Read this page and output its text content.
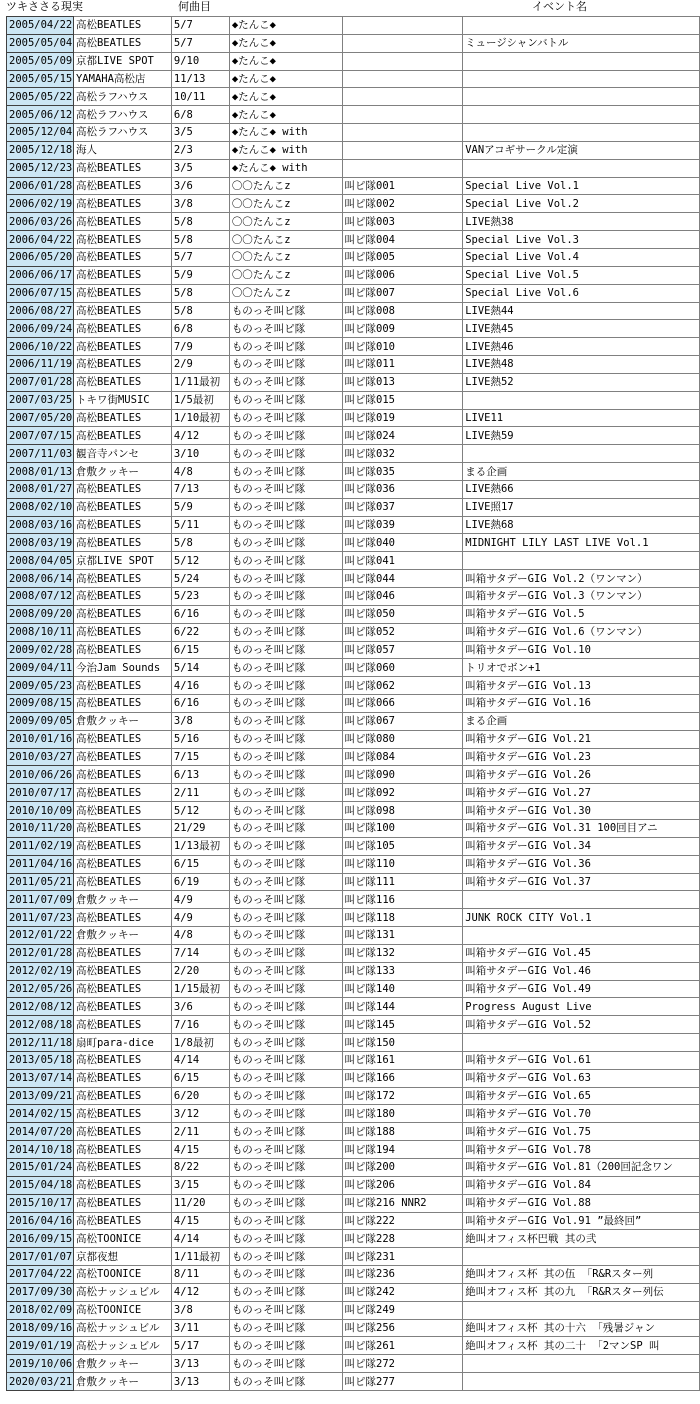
ツキささる現実	何曲目	イベント名
2005/04/22	高松BEATLES	5/7	◆たんこ◆		
2005/05/04	高松BEATLES	5/7	◆たんこ◆		ミュージシャンバトル
2005/05/09	京都LIVE SPOT	9/10	◆たんこ◆		
2005/05/15	YAMAHA高松店	11/13	◆たんこ◆		
2005/05/22	高松ラフハウス	10/11	◆たんこ◆		
2005/06/12	高松ラフハウス	6/8	◆たんこ◆		
2005/12/04	高松ラフハウス	3/5	◆たんこ◆ with		
2005/12/18	海人	2/3	◆たんこ◆ with		VANアコギサークル定演
2005/12/23	高松BEATLES	3/5	◆たんこ◆ with		
2006/01/28	高松BEATLES	3/6	〇〇たんこz	叫ピ隊001	Special Live Vol.1
2006/02/19	高松BEATLES	3/8	〇〇たんこz	叫ピ隊002	Special Live Vol.2
2006/03/26	高松BEATLES	5/8	〇〇たんこz	叫ピ隊003	LIVE熱38
2006/04/22	高松BEATLES	5/8	〇〇たんこz	叫ピ隊004	Special Live Vol.3
2006/05/20	高松BEATLES	5/7	〇〇たんこz	叫ピ隊005	Special Live Vol.4
2006/06/17	高松BEATLES	5/9	〇〇たんこz	叫ピ隊006	Special Live Vol.5
2006/07/15	高松BEATLES	5/8	〇〇たんこz	叫ピ隊007	Special Live Vol.6
2006/08/27	高松BEATLES	5/8	ものっそ叫ピ隊	叫ピ隊008	LIVE熱44
2006/09/24	高松BEATLES	6/8	ものっそ叫ピ隊	叫ピ隊009	LIVE熱45
2006/10/22	高松BEATLES	7/9	ものっそ叫ピ隊	叫ピ隊010	LIVE熱46
2006/11/19	高松BEATLES	2/9	ものっそ叫ピ隊	叫ピ隊011	LIVE熱48
2007/01/28	高松BEATLES	1/11最初	ものっそ叫ピ隊	叫ピ隊013	LIVE熱52
2007/03/25	トキワ街MUSIC	1/5最初	ものっそ叫ピ隊	叫ピ隊015	
2007/05/20	高松BEATLES	1/10最初	ものっそ叫ピ隊	叫ピ隊019	LIVE11
2007/07/15	高松BEATLES	4/12	ものっそ叫ピ隊	叫ピ隊024	LIVE熱59
2007/11/03	観音寺パンセ	3/10	ものっそ叫ピ隊	叫ピ隊032	
2008/01/13	倉敷クッキー	4/8	ものっそ叫ピ隊	叫ピ隊035	まる企画
2008/01/27	高松BEATLES	7/13	ものっそ叫ピ隊	叫ピ隊036	LIVE熱66
2008/02/10	高松BEATLES	5/9	ものっそ叫ピ隊	叫ピ隊037	LIVE照17
2008/03/16	高松BEATLES	5/11	ものっそ叫ピ隊	叫ピ隊039	LIVE熱68
2008/03/19	高松BEATLES	5/8	ものっそ叫ピ隊	叫ピ隊040	MIDNIGHT LILY LAST LIVE Vol.1
2008/04/05	京都LIVE SPOT	5/12	ものっそ叫ピ隊	叫ピ隊041	
2008/06/14	高松BEATLES	5/24	ものっそ叫ピ隊	叫ピ隊044	叫箱サタデーGIG Vol.2（ワンマン）
2008/07/12	高松BEATLES	5/23	ものっそ叫ピ隊	叫ピ隊046	叫箱サタデーGIG Vol.3（ワンマン）
2008/09/20	高松BEATLES	6/16	ものっそ叫ピ隊	叫ピ隊050	叫箱サタデーGIG Vol.5
2008/10/11	高松BEATLES	6/22	ものっそ叫ピ隊	叫ピ隊052	叫箱サタデーGIG Vol.6（ワンマン）
2009/02/28	高松BEATLES	6/15	ものっそ叫ピ隊	叫ピ隊057	叫箱サタデーGIG Vol.10
2009/04/11	今治Jam Sounds	5/14	ものっそ叫ピ隊	叫ピ隊060	トリオでボン+1
2009/05/23	高松BEATLES	4/16	ものっそ叫ピ隊	叫ピ隊062	叫箱サタデーGIG Vol.13
2009/08/15	高松BEATLES	6/16	ものっそ叫ピ隊	叫ピ隊066	叫箱サタデーGIG Vol.16
2009/09/05	倉敷クッキー	3/8	ものっそ叫ピ隊	叫ピ隊067	まる企画
2010/01/16	高松BEATLES	5/16	ものっそ叫ピ隊	叫ピ隊080	叫箱サタデーGIG Vol.21
2010/03/27	高松BEATLES	7/15	ものっそ叫ピ隊	叫ピ隊084	叫箱サタデーGIG Vol.23
2010/06/26	高松BEATLES	6/13	ものっそ叫ピ隊	叫ピ隊090	叫箱サタデーGIG Vol.26
2010/07/17	高松BEATLES	2/11	ものっそ叫ピ隊	叫ピ隊092	叫箱サタデーGIG Vol.27
2010/10/09	高松BEATLES	5/12	ものっそ叫ピ隊	叫ピ隊098	叫箱サタデーGIG Vol.30
2010/11/20	高松BEATLES	21/29	ものっそ叫ピ隊	叫ピ隊100	叫箱サタデーGIG Vol.31 100回目アニ
2011/02/19	高松BEATLES	1/13最初	ものっそ叫ピ隊	叫ピ隊105	叫箱サタデーGIG Vol.34
2011/04/16	高松BEATLES	6/15	ものっそ叫ピ隊	叫ピ隊110	叫箱サタデーGIG Vol.36
2011/05/21	高松BEATLES	6/19	ものっそ叫ピ隊	叫ピ隊111	叫箱サタデーGIG Vol.37
2011/07/09	倉敷クッキー	4/9	ものっそ叫ピ隊	叫ピ隊116	
2011/07/23	高松BEATLES	4/9	ものっそ叫ピ隊	叫ピ隊118	JUNK ROCK CITY Vol.1
2012/01/22	倉敷クッキー	4/8	ものっそ叫ピ隊	叫ピ隊131	
2012/01/28	高松BEATLES	7/14	ものっそ叫ピ隊	叫ピ隊132	叫箱サタデーGIG Vol.45
2012/02/19	高松BEATLES	2/20	ものっそ叫ピ隊	叫ピ隊133	叫箱サタデーGIG Vol.46
2012/05/26	高松BEATLES	1/15最初	ものっそ叫ピ隊	叫ピ隊140	叫箱サタデーGIG Vol.49
2012/08/12	高松BEATLES	3/6	ものっそ叫ピ隊	叫ピ隊144	Progress August Live
2012/08/18	高松BEATLES	7/16	ものっそ叫ピ隊	叫ピ隊145	叫箱サタデーGIG Vol.52
2012/11/18	扇町para-dice	1/8最初	ものっそ叫ピ隊	叫ピ隊150	
2013/05/18	高松BEATLES	4/14	ものっそ叫ピ隊	叫ピ隊161	叫箱サタデーGIG Vol.61
2013/07/14	高松BEATLES	6/15	ものっそ叫ピ隊	叫ピ隊166	叫箱サタデーGIG Vol.63
2013/09/21	高松BEATLES	6/20	ものっそ叫ピ隊	叫ピ隊172	叫箱サタデーGIG Vol.65
2014/02/15	高松BEATLES	3/12	ものっそ叫ピ隊	叫ピ隊180	叫箱サタデーGIG Vol.70
2014/07/20	高松BEATLES	2/11	ものっそ叫ピ隊	叫ピ隊188	叫箱サタデーGIG Vol.75
2014/10/18	高松BEATLES	4/15	ものっそ叫ピ隊	叫ピ隊194	叫箱サタデーGIG Vol.78
2015/01/24	高松BEATLES	8/22	ものっそ叫ピ隊	叫ピ隊200	叫箱サタデーGIG Vol.81（200回記念ワン
2015/04/18	高松BEATLES	3/15	ものっそ叫ピ隊	叫ピ隊206	叫箱サタデーGIG Vol.84
2015/10/17	高松BEATLES	11/20	ものっそ叫ピ隊	叫ピ隊216 NNR2	叫箱サタデーGIG Vol.88
2016/04/16	高松BEATLES	4/15	ものっそ叫ピ隊	叫ピ隊222	叫箱サタデーGIG Vol.91 ”最終回”
2016/09/15	高松TOONICE	4/14	ものっそ叫ピ隊	叫ピ隊228	絶叫オフィス杯巴戦 其の弐
2017/01/07	京都夜想	1/11最初	ものっそ叫ピ隊	叫ピ隊231	
2017/04/22	高松TOONICE	8/11	ものっそ叫ピ隊	叫ピ隊236	絶叫オフィス杯 其の伍 「R&Rスター列
2017/09/30	高松ナッシュビル	4/12	ものっそ叫ピ隊	叫ピ隊242	絶叫オフィス杯 其の九 「R&Rスター列伝
2018/02/09	高松TOONICE	3/8	ものっそ叫ピ隊	叫ピ隊249	
2018/09/16	高松ナッシュビル	3/11	ものっそ叫ピ隊	叫ピ隊256	絶叫オフィス杯 其の十六 「残暑ジャン
2019/01/19	高松ナッシュビル	5/17	ものっそ叫ピ隊	叫ピ隊261	絶叫オフィス杯 其の二十 「2マンSP 叫
2019/10/06	倉敷クッキー	3/13	ものっそ叫ピ隊	叫ピ隊272	
2020/03/21	倉敷クッキー	3/13	ものっそ叫ピ隊	叫ピ隊277	
